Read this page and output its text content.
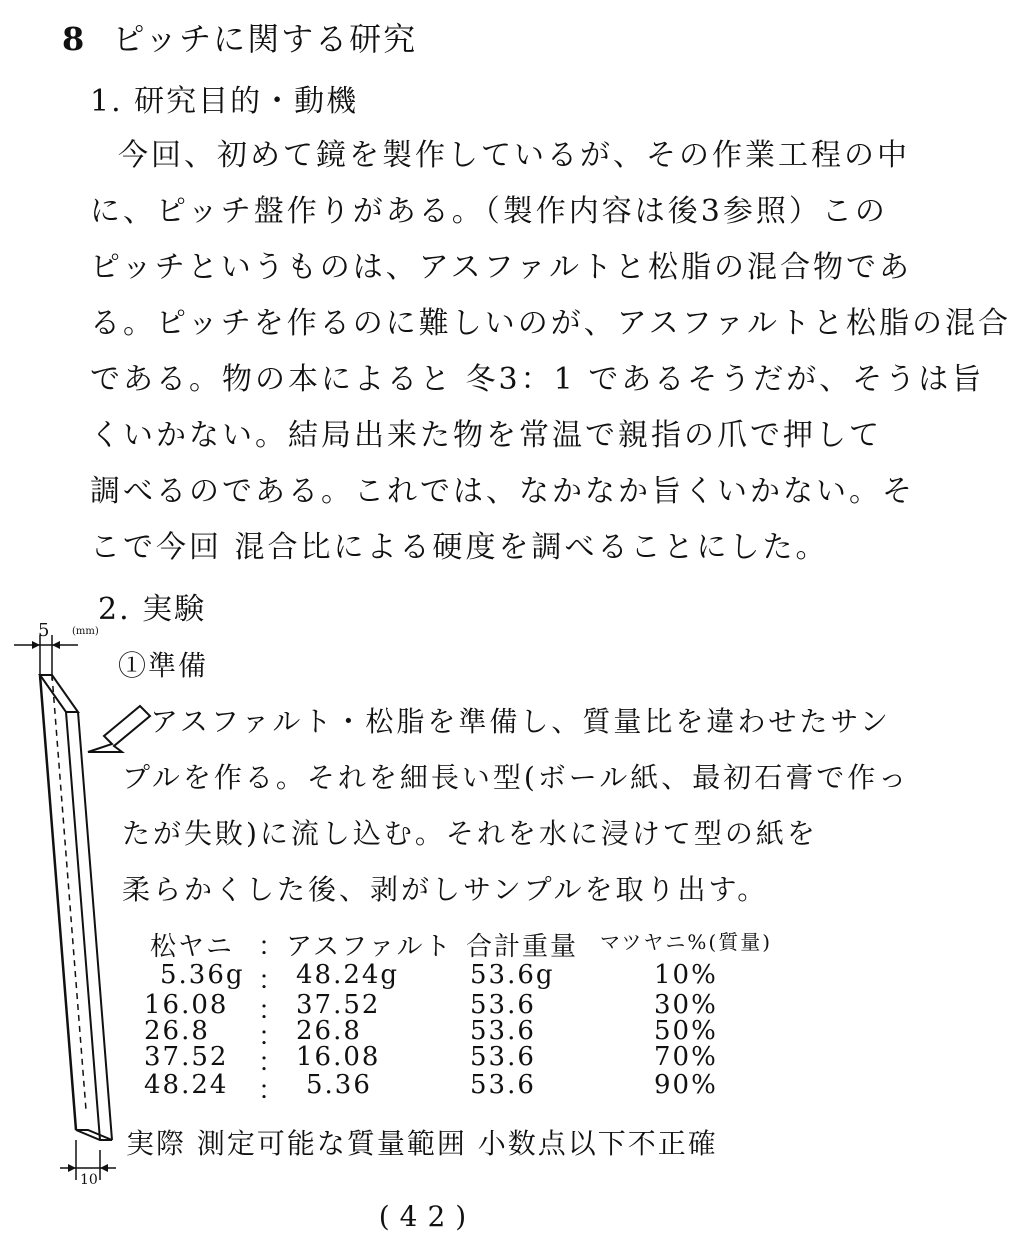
8 ピッチに関する研究
1. 研究目的・動機
今回、初めて鏡を製作しているが、その作業工程の中
に、ピッチ盤作りがある。（製作内容は後3参照）この
ピッチというものは、アスファルトと松脂の混合物であ
る。ピッチを作るのに難しいのが、アスファルトと松脂の混合
である。物の本によると 冬3：1 であるそうだが、そうは旨
くいかない。結局出来た物を常温で親指の爪で押して
調べるのである。これでは、なかなか旨くいかない。そ
こで今回 混合比による硬度を調べることにした。
2. 実験
①準備
アスファルト・松脂を準備し、質量比を違わせたサン
プルを作る。それを細長い型(ボール紙、最初石膏で作っ
たが失敗)に流し込む。それを水に浸けて型の紙を
柔らかくした後、剥がしサンプルを取り出す。
松ヤニ ：アスファルト 合計重量 マツヤニ%(質量)
5.36g ： 48.24g	53.6g	10%
16.08 ： 37.52	53.6	30%
26.8 ： 26.8	53.6	50%
37.52 ： 16.08	53.6	70%
48.24 ： 5.36	53.6	90%
実際 測定可能な質量範囲 小数点以下不正確
5 (mm)
10
(42)
